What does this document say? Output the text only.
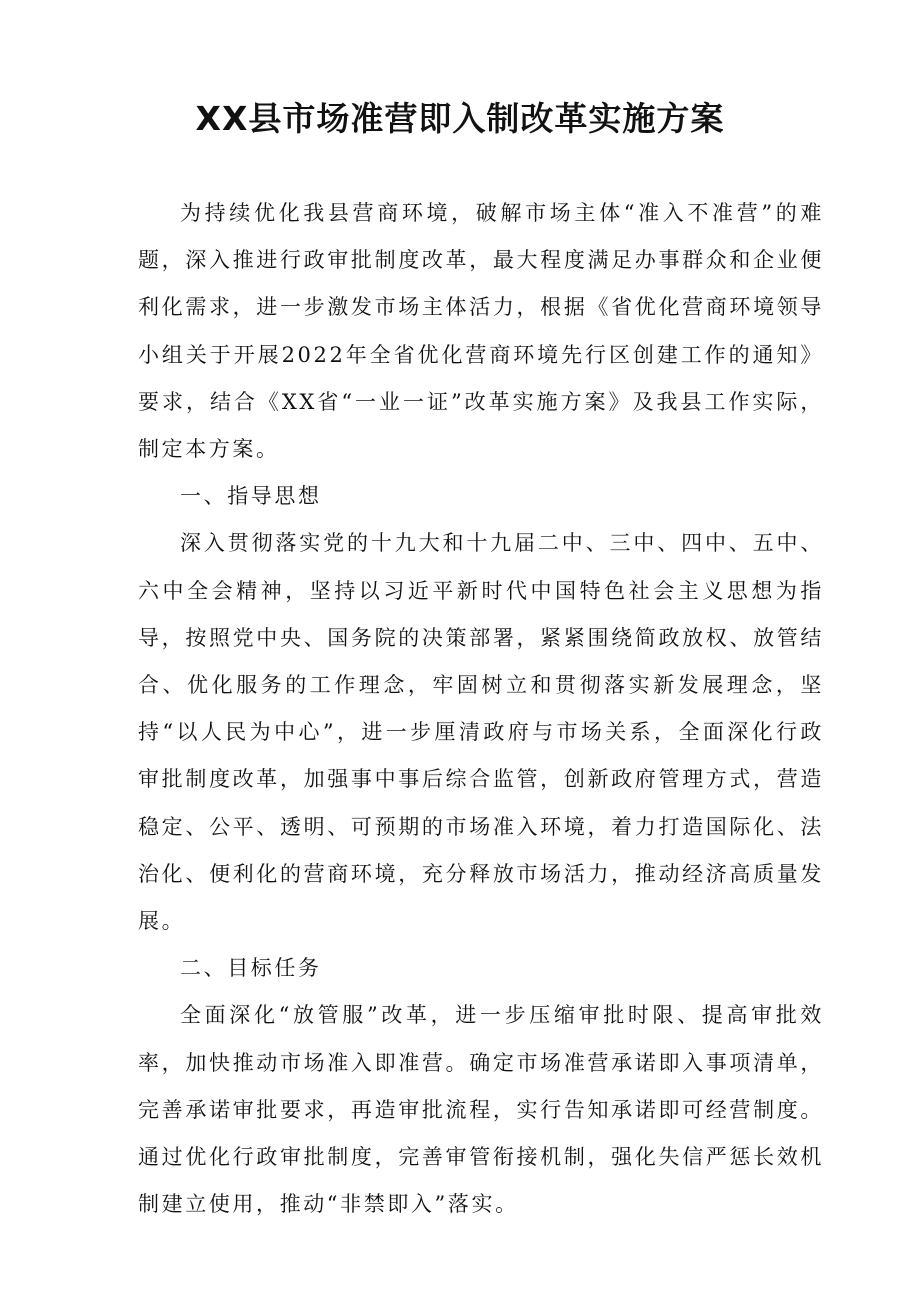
XX县市场准营即入制改革实施方案

为持续优化我县营商环境，破解市场主体“准入不准营”的难题，深入推进行政审批制度改革，最大程度满足办事群众和企业便利化需求，进一步激发市场主体活力，根据《省优化营商环境领导小组关于开展2022年全省优化营商环境先行区创建工作的通知》要求，结合《XX省“一业一证”改革实施方案》及我县工作实际，制定本方案。

一、指导思想

深入贯彻落实党的十九大和十九届二中、三中、四中、五中、六中全会精神，坚持以习近平新时代中国特色社会主义思想为指导，按照党中央、国务院的决策部署，紧紧围绕简政放权、放管结合、优化服务的工作理念，牢固树立和贯彻落实新发展理念，坚持“以人民为中心”，进一步厘清政府与市场关系，全面深化行政审批制度改革，加强事中事后综合监管，创新政府管理方式，营造稳定、公平、透明、可预期的市场准入环境，着力打造国际化、法治化、便利化的营商环境，充分释放市场活力，推动经济高质量发展。

二、目标任务

全面深化“放管服”改革，进一步压缩审批时限、提高审批效率，加快推动市场准入即准营。确定市场准营承诺即入事项清单，完善承诺审批要求，再造审批流程，实行告知承诺即可经营制度。通过优化行政审批制度，完善审管衔接机制，强化失信严惩长效机制建立使用，推动“非禁即入”落实。
